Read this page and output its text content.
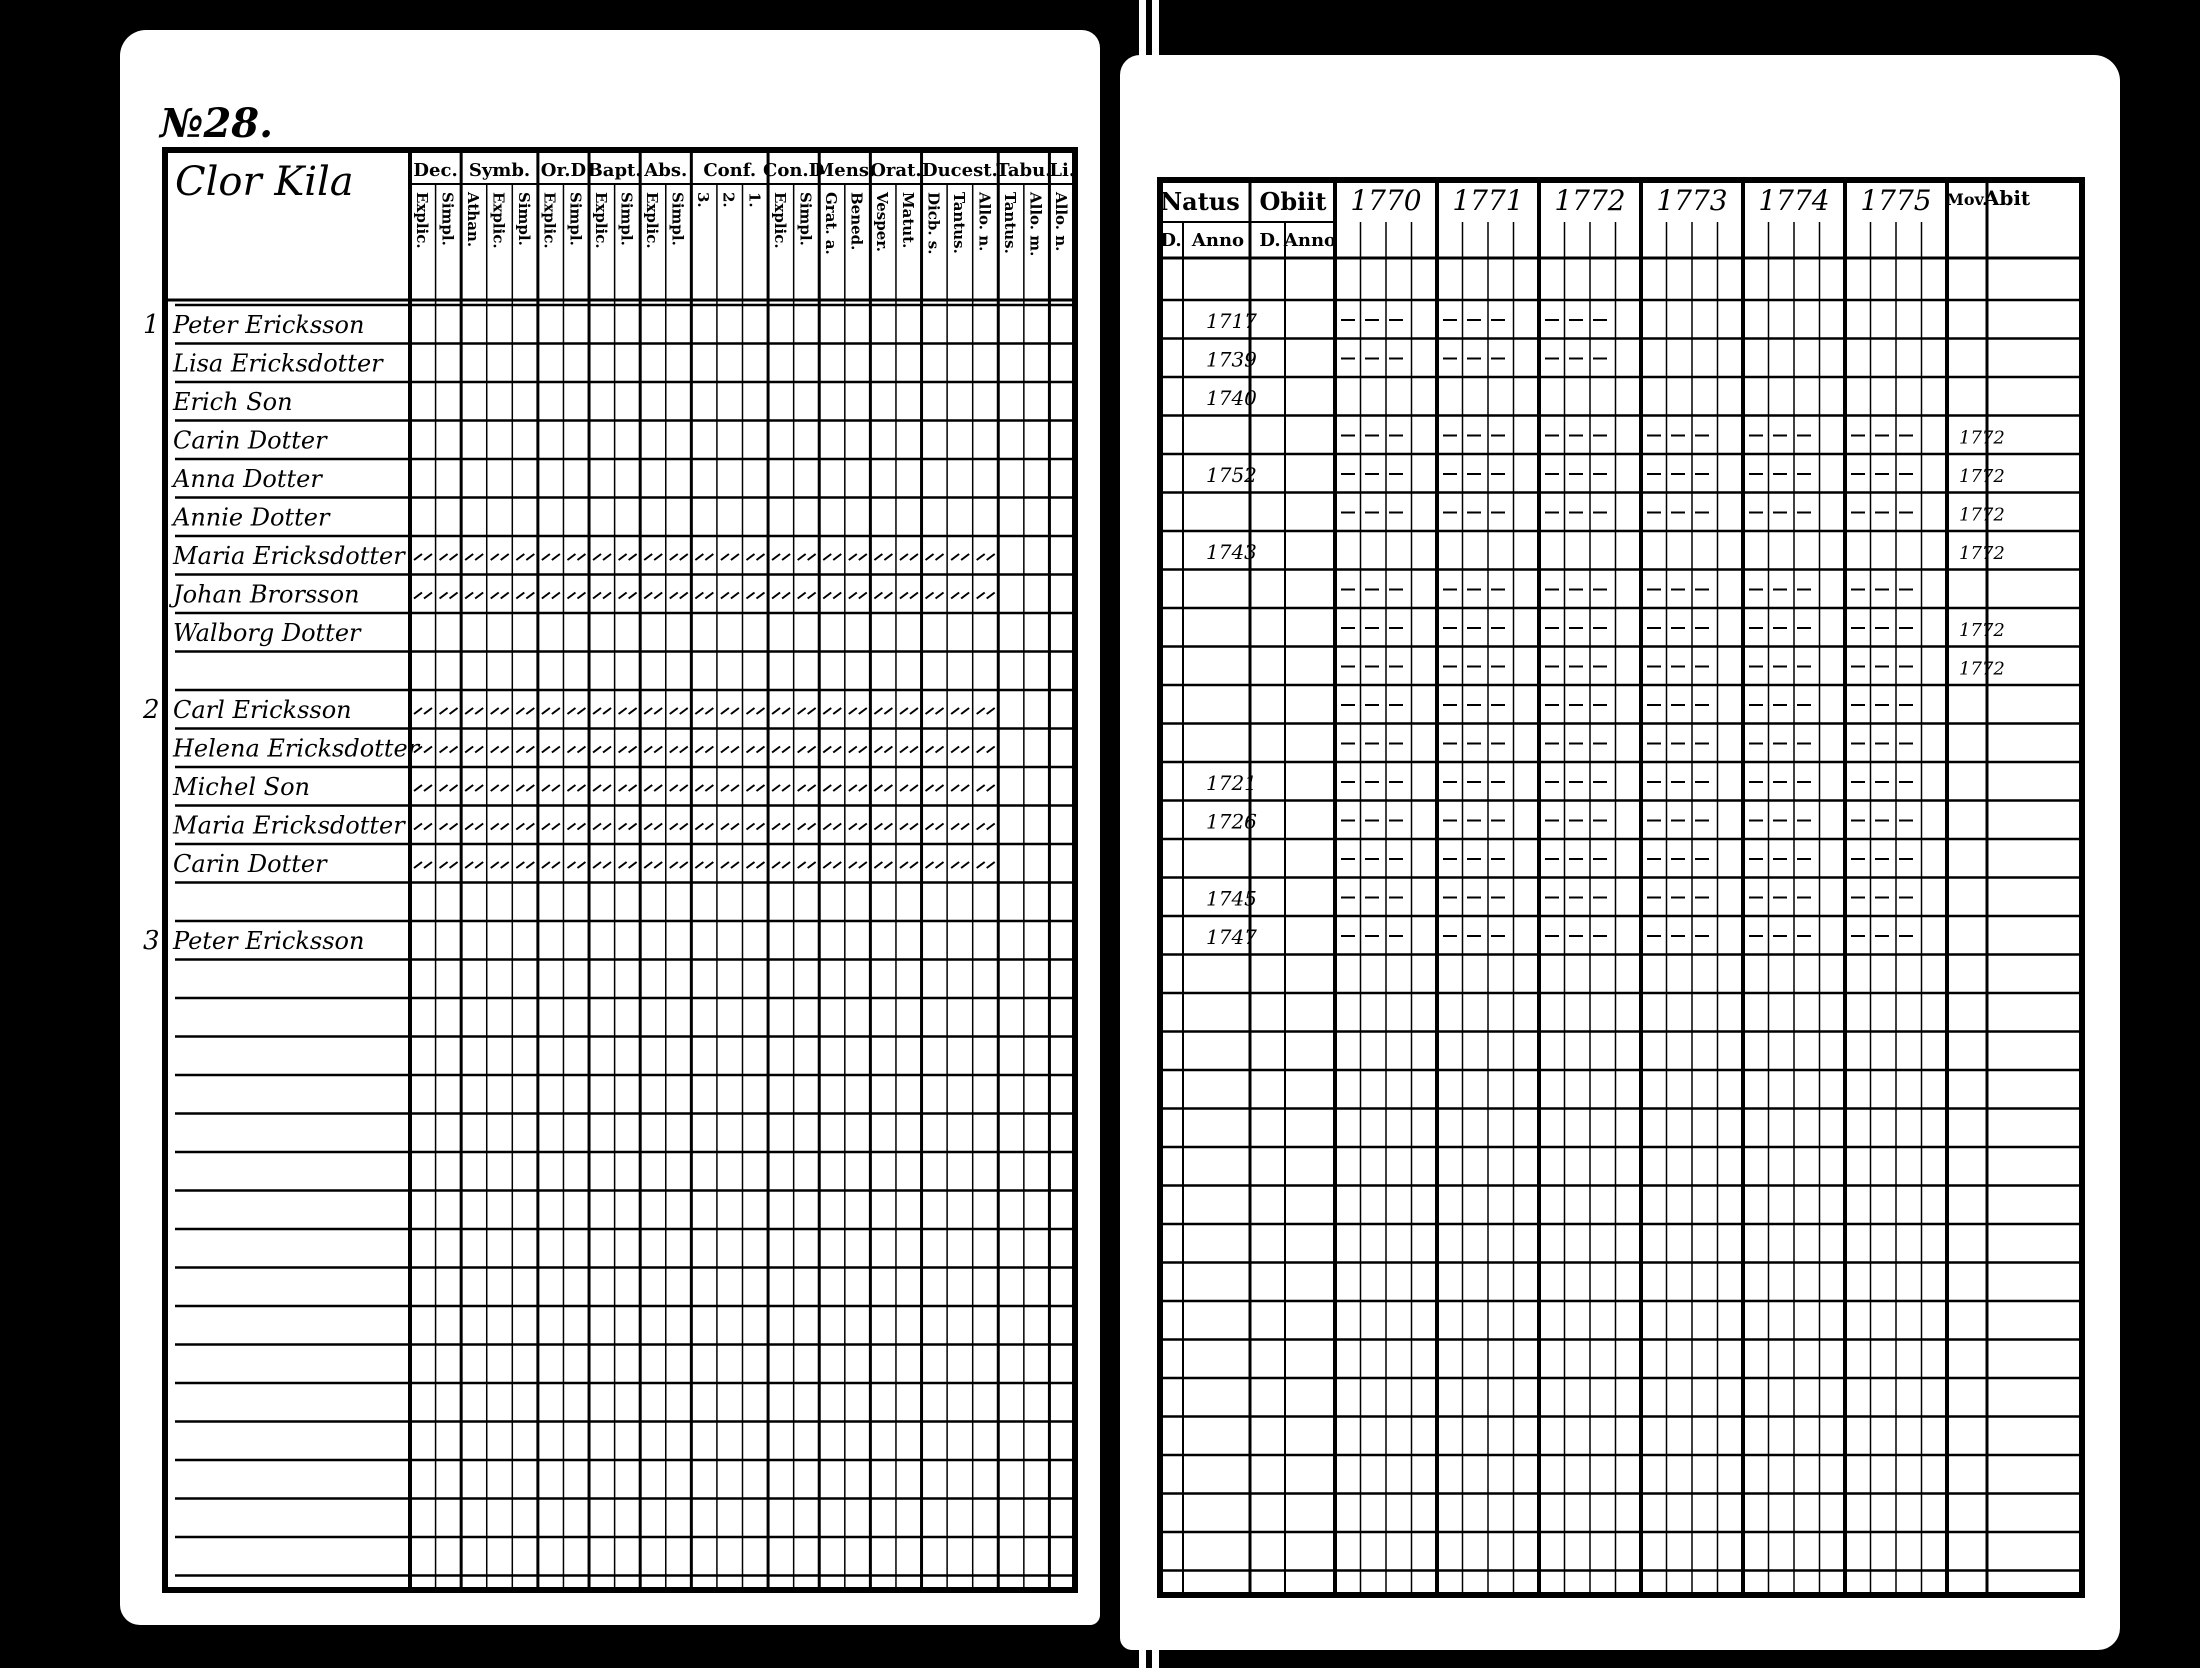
№28.
Dec.
Explic. Simpl.
Symb.
Athan. Explic. Simpl.
Or.D
Explic. Simpl.
Bapt.
Explic. Simpl.
Abs.
Explic. Simpl.
Conf.
3. 2. 1.
Con.D
Explic. Simpl.
Mens.
Grat. a. Bened.
Orat.
Vesper. Matut.
Ducest.
Dicb. s. Tantus. Allo. n.
Tabu.
Tantus. Allo. m.
Li.
Allo. n.
Clor Kila
1 Peter Ericksson
Lisa Ericksdotter
Erich Son
Carin Dotter
Anna Dotter
Annie Dotter
Maria Ericksdotter
Johan Brorsson
Walborg Dotter
2 Carl Ericksson
Helena Ericksdotter
Michel Son
Maria Ericksdotter
Carin Dotter
3 Peter Ericksson
Natus Obiit
D. Anno D. Anno
1770 1771 1772 1773 1774 1775 Mov.
Abit
1717
1739
1740
1752
1743
1721
1726
1745
1747
1772
1772
1772
1772
1772
1772
